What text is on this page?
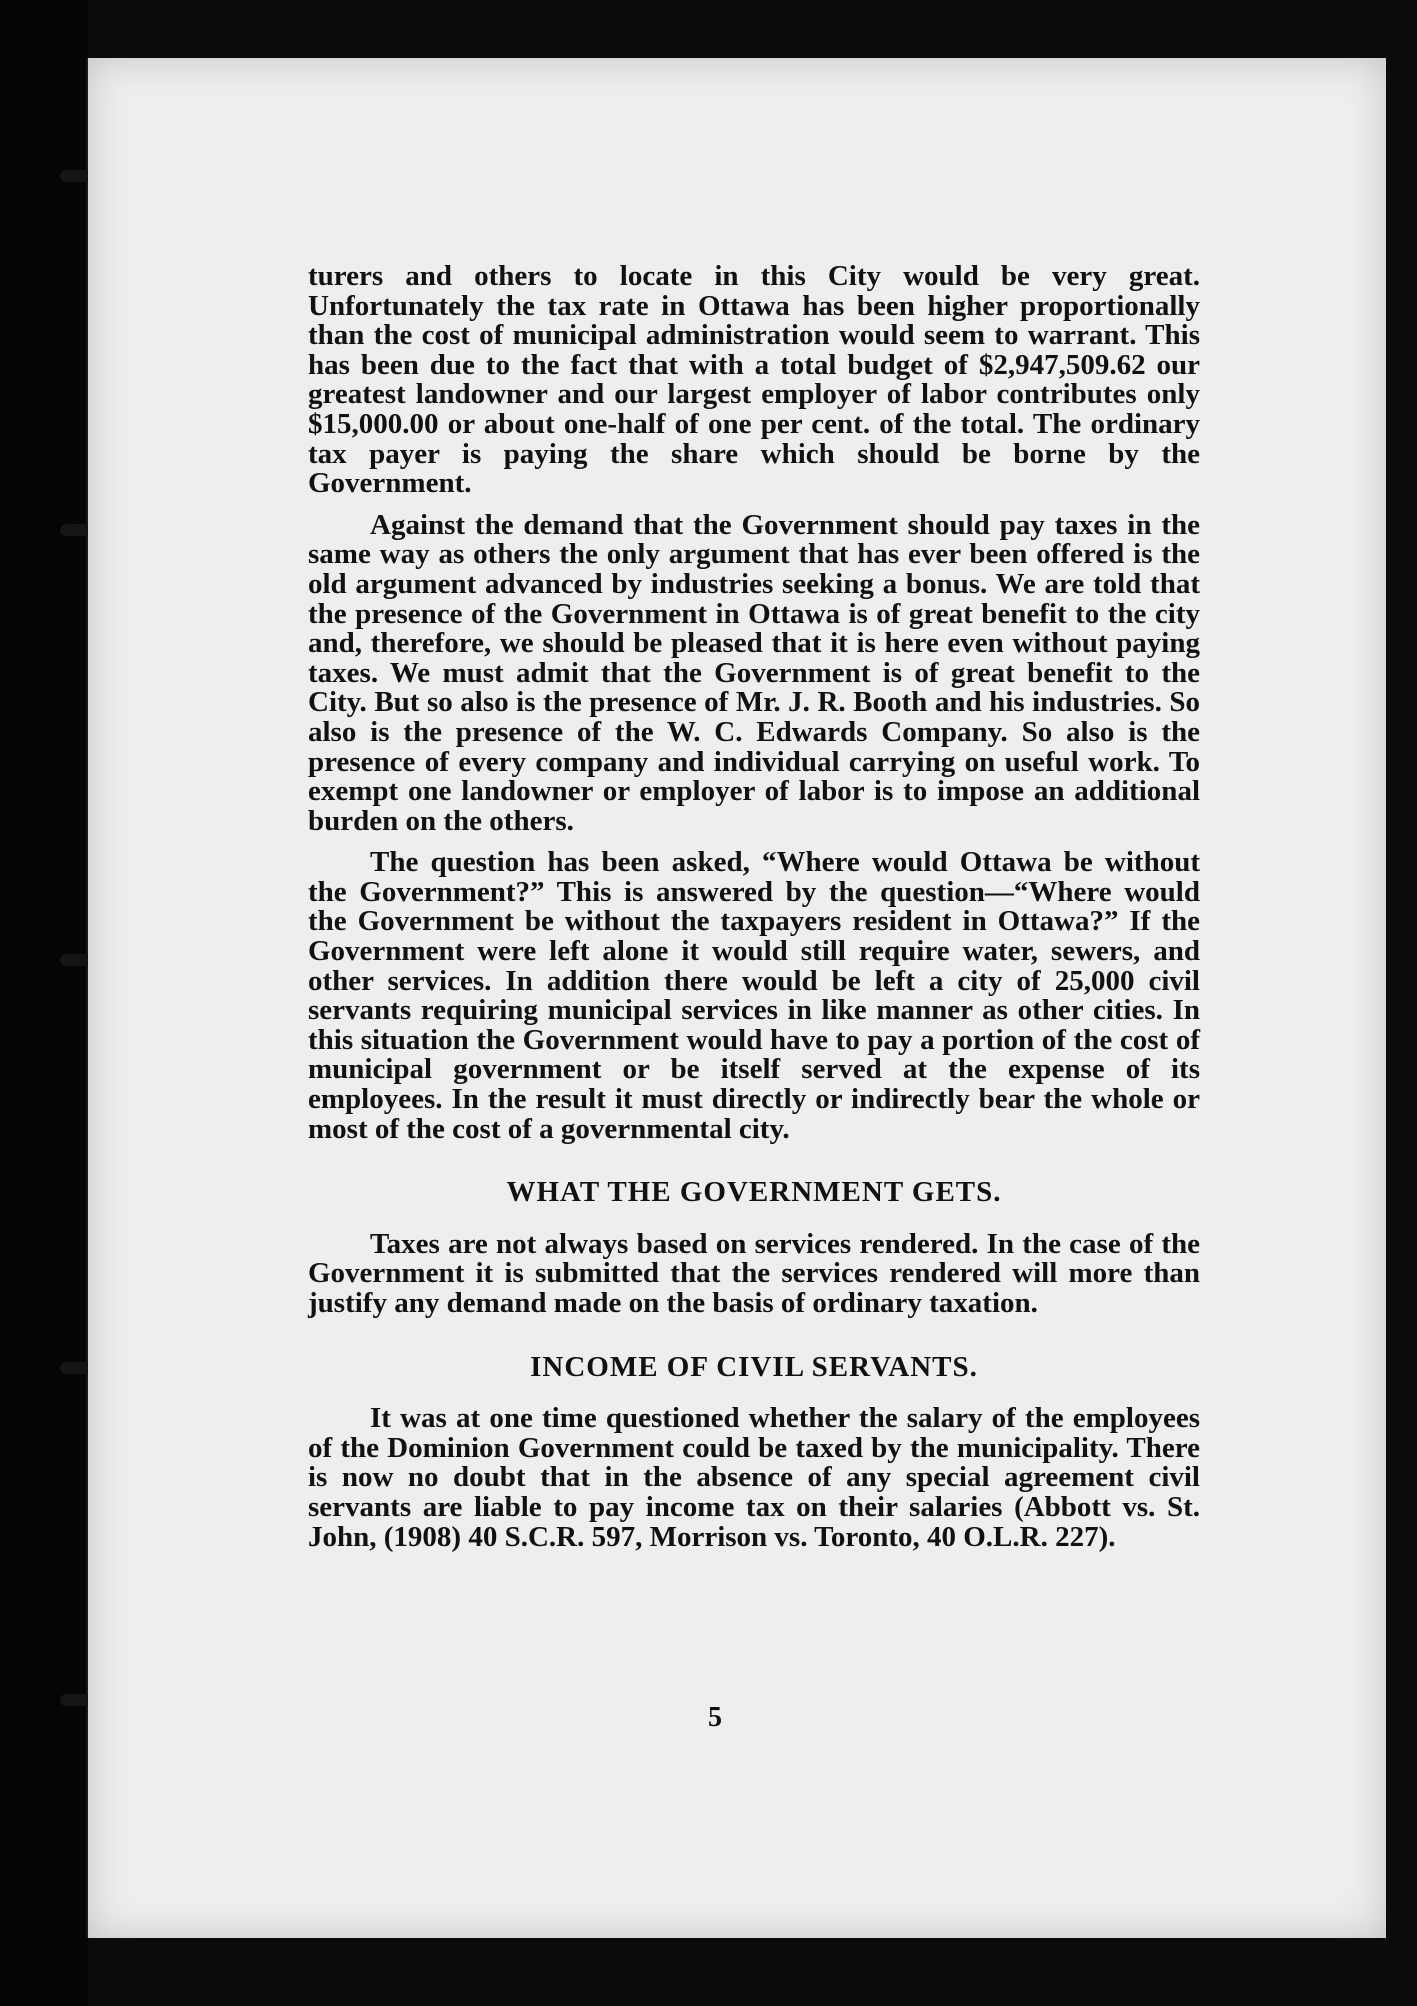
turers and others to locate in this City would be very great. Unfortunately the tax rate in Ottawa has been higher proportionally than the cost of municipal administration would seem to warrant. This has been due to the fact that with a total budget of $2,947,509.62 our greatest landowner and our largest employer of labor contributes only $15,000.00 or about one-half of one per cent. of the total. The ordinary tax payer is paying the share which should be borne by the Government.

Against the demand that the Government should pay taxes in the same way as others the only argument that has ever been offered is the old argument advanced by industries seeking a bonus. We are told that the presence of the Government in Ottawa is of great benefit to the city and, therefore, we should be pleased that it is here even without paying taxes. We must admit that the Government is of great benefit to the City. But so also is the presence of Mr. J. R. Booth and his industries. So also is the presence of the W. C. Edwards Company. So also is the presence of every company and individual carrying on useful work. To exempt one landowner or employer of labor is to impose an additional burden on the others.

The question has been asked, “Where would Ottawa be without the Government?” This is answered by the question—“Where would the Government be without the taxpayers resident in Ottawa?” If the Government were left alone it would still require water, sewers, and other services. In addition there would be left a city of 25,000 civil servants requiring municipal services in like manner as other cities. In this situation the Government would have to pay a portion of the cost of municipal government or be itself served at the expense of its employees. In the result it must directly or indirectly bear the whole or most of the cost of a governmental city.

WHAT THE GOVERNMENT GETS.

Taxes are not always based on services rendered. In the case of the Government it is submitted that the services rendered will more than justify any demand made on the basis of ordinary taxation.

INCOME OF CIVIL SERVANTS.

It was at one time questioned whether the salary of the employees of the Dominion Government could be taxed by the municipality. There is now no doubt that in the absence of any special agreement civil servants are liable to pay income tax on their salaries (Abbott vs. St. John, (1908) 40 S.C.R. 597, Morrison vs. Toronto, 40 O.L.R. 227).

5
